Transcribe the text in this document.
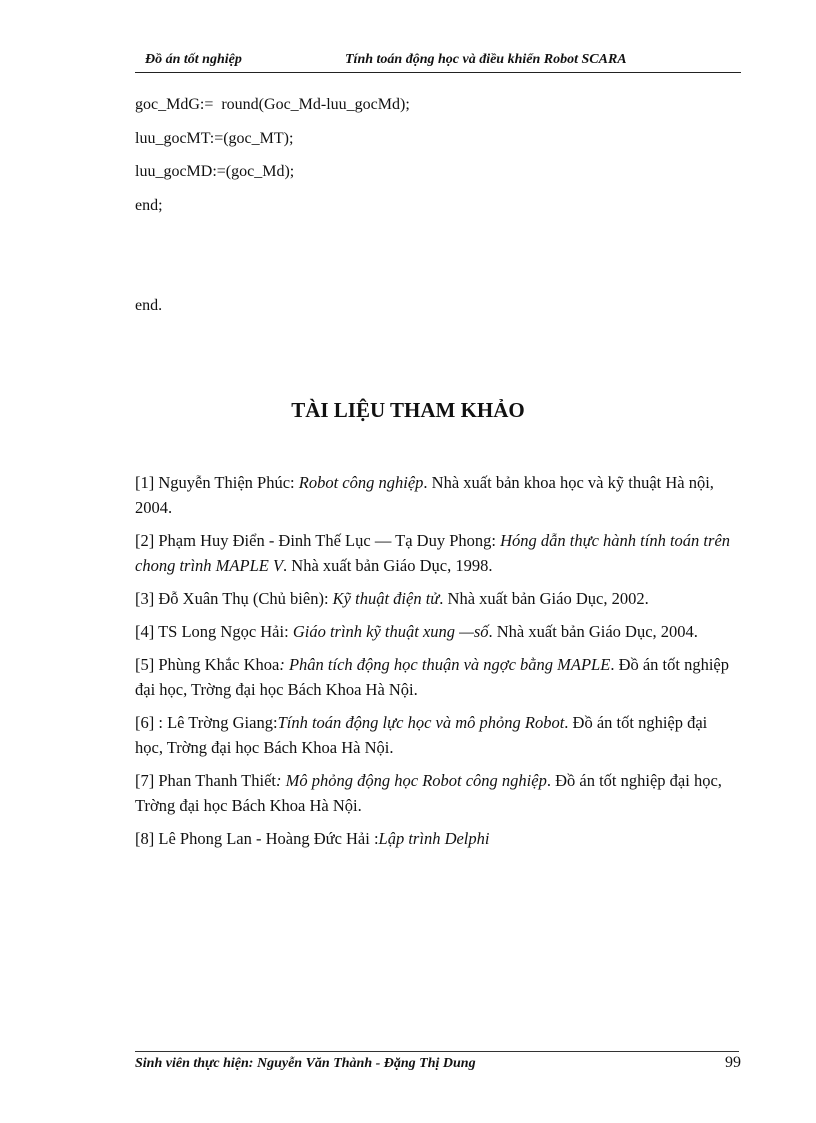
Đồ án tốt nghiệp	Tính toán động học và điều khiển Robot SCARA
goc_MdG:=  round(Goc_Md-luu_gocMd);
luu_gocMT:=(goc_MT);
luu_gocMD:=(goc_Md);
end;
end.
TÀI LIỆU THAM KHẢO
[1] Nguyễn Thiện Phúc: Robot công nghiệp. Nhà xuất bản khoa học và kỹ thuật Hà nội, 2004.
[2] Phạm Huy Điển - Đinh Thế Lục — Tạ Duy Phong: Hóng dẫn thực hành tính toán trên chong trình MAPLE V. Nhà xuất bản Giáo Dục, 1998.
[3] Đỗ Xuân Thụ (Chủ biên): Kỹ thuật điện tử. Nhà xuất bản Giáo Dục, 2002.
[4] TS Long Ngọc Hải: Giáo trình kỹ thuật xung —số. Nhà xuất bản Giáo Dục, 2004.
[5] Phùng Khắc Khoa: Phân tích động học thuận và ngợc bằng MAPLE. Đồ án tốt nghiệp đại học, Trờng đại học Bách Khoa Hà Nội.
[6] : Lê Trờng Giang:Tính toán động lực học và mô phỏng Robot. Đồ án tốt nghiệp đại học, Trờng đại học Bách Khoa Hà Nội.
[7] Phan Thanh Thiết: Mô phỏng động học Robot công nghiệp. Đồ án tốt nghiệp đại học, Trờng đại học Bách Khoa Hà Nội.
[8] Lê Phong Lan - Hoàng Đức Hải :Lập trình Delphi
Sinh viên thực hiện: Nguyễn Văn Thành - Đặng Thị Dung	99
